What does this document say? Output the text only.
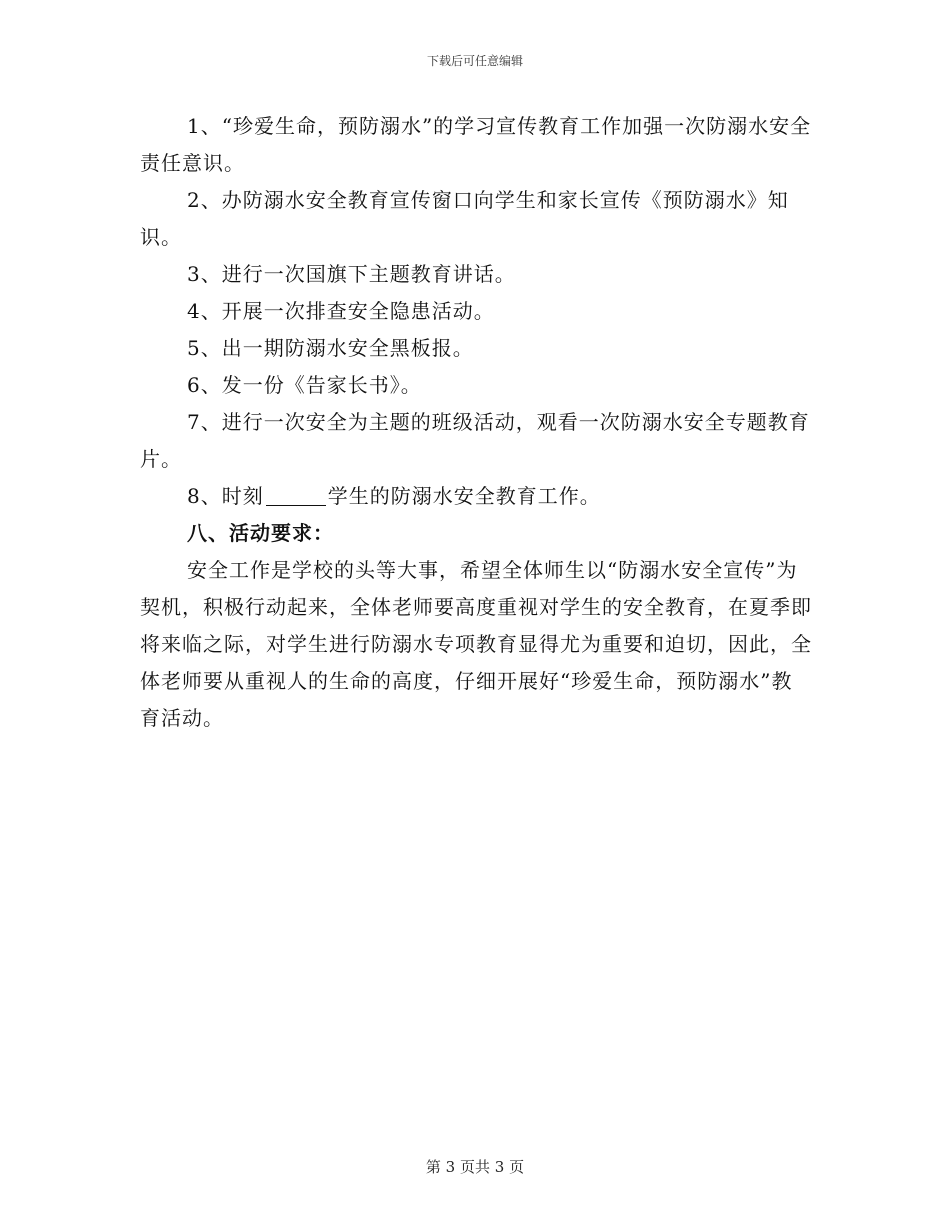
下载后可任意编辑

1、“珍爱生命，预防溺水”的学习宣传教育工作加强一次防溺水安全责任意识。

2、办防溺水安全教育宣传窗口向学生和家长宣传《预防溺水》知识。

3、进行一次国旗下主题教育讲话。

4、开展一次排查安全隐患活动。

5、出一期防溺水安全黑板报。

6、发一份《告家长书》。

7、进行一次安全为主题的班级活动，观看一次防溺水安全专题教育片。

8、时刻	学生的防溺水安全教育工作。

八、活动要求：

安全工作是学校的头等大事，希望全体师生以“防溺水安全宣传”为契机，积极行动起来，全体老师要高度重视对学生的安全教育，在夏季即将来临之际，对学生进行防溺水专项教育显得尤为重要和迫切，因此，全体老师要从重视人的生命的高度，仔细开展好“珍爱生命，预防溺水”教育活动。

第 3 页共 3 页
